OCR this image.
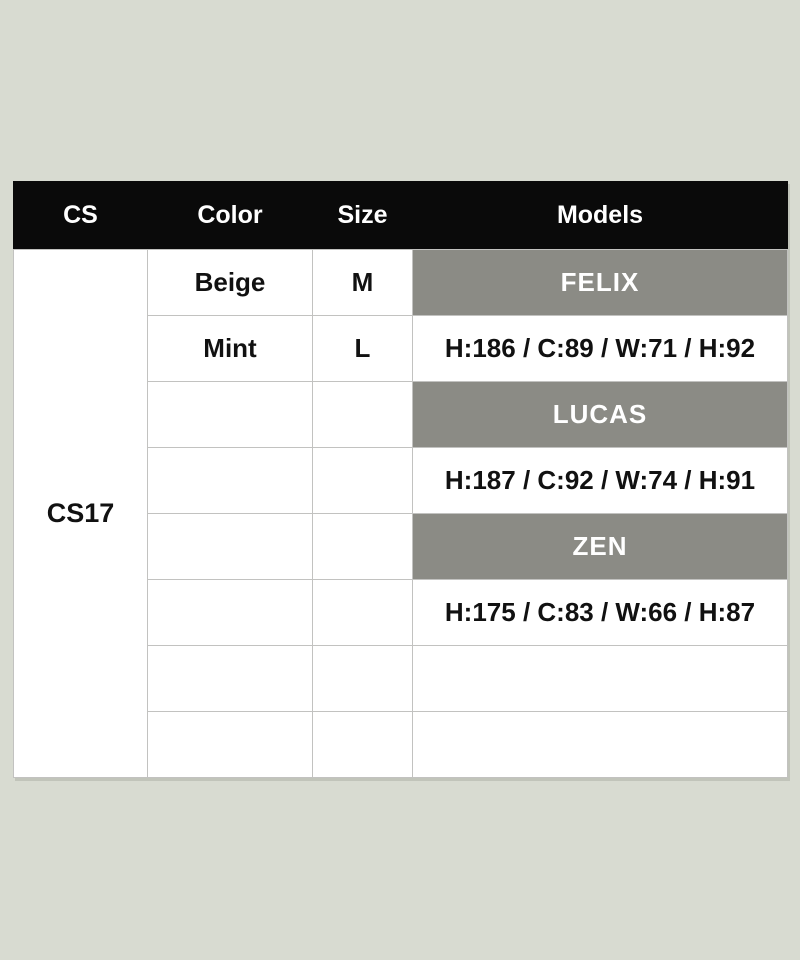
CS	Color	Size	Models
CS17	Beige	M	FELIX
	Mint	L	H:186 / C:89 / W:71 / H:92
			LUCAS
			H:187 / C:92 / W:74 / H:91
			ZEN
			H:175 / C:83 / W:66 / H:87
